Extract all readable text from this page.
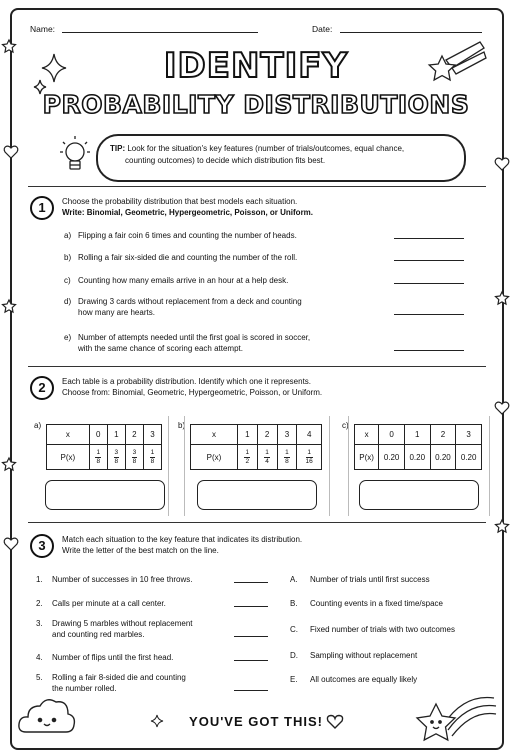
Name:	Date:
IDENTIFY
PROBABILITY DISTRIBUTIONS
TIP: Look for the situation's key features (number of trials/outcomes, equal chance,
counting outcomes) to decide which distribution fits best.
1	Choose the probability distribution that best models each situation.
Write: Binomial, Geometric, Hypergeometric, Poisson, or Uniform.
a) Flipping a fair coin 6 times and counting the number of heads.
b) Rolling a fair six-sided die and counting the number of the roll.
c) Counting how many emails arrive in an hour at a help desk.
d) Drawing 3 cards without replacement from a deck and counting
how many are hearts.
e) Number of attempts needed until the first goal is scored in soccer,
with the same chance of scoring each attempt.
2	Each table is a probability distribution. Identify which one it represents.
Choose from: Binomial, Geometric, Hypergeometric, Poisson, or Uniform.
a)
x	0	1	2	3
P(x)	$\frac{1}{8}$	$\frac{3}{8}$	$\frac{3}{8}$	$\frac{1}{8}$
b)
x	1	2	3	4
P(x)	$\frac{1}{2}$	$\frac{1}{4}$	$\frac{1}{8}$	$\frac{1}{16}$
c)
x	0	1	2	3
P(x)	0.20	0.20	0.20	0.20
3	Match each situation to the key feature that indicates its distribution.
Write the letter of the best match on the line.
1. Number of successes in 10 free throws.
2. Calls per minute at a call center.
3. Drawing 5 marbles without replacement
and counting red marbles.
4. Number of flips until the first head.
5. Rolling a fair 8-sided die and counting
the number rolled.
A. Number of trials until first success
B. Counting events in a fixed time/space
C. Fixed number of trials with two outcomes
D. Sampling without replacement
E. All outcomes are equally likely
YOU'VE GOT THIS!
